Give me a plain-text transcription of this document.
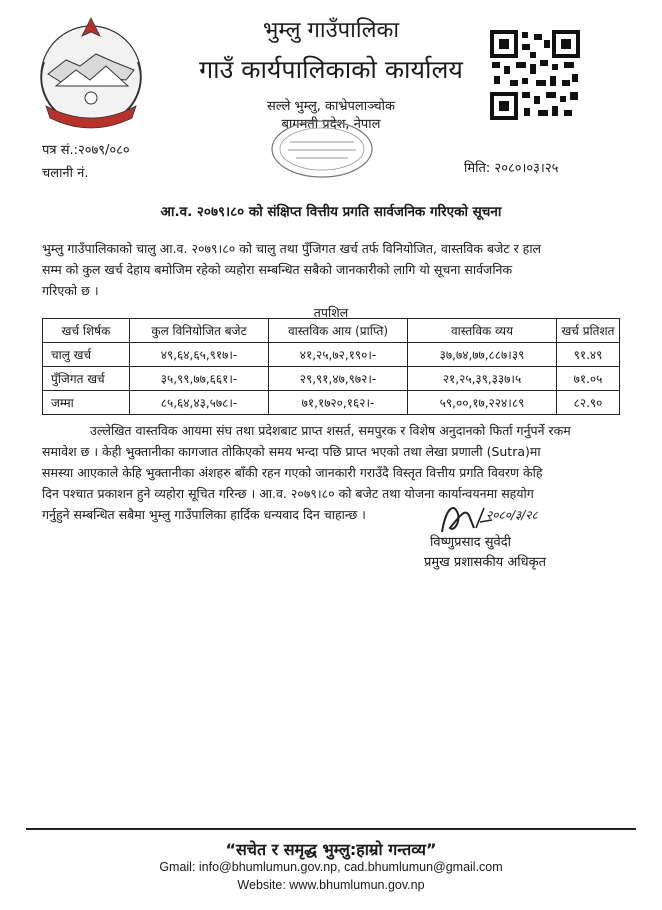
भुम्लु गाउँपालिका
गाउँ कार्यपालिकाको कार्यालय
सल्ले भुम्लु, काभ्रेपलाञ्चोक
बागमती प्रदेश, नेपाल
पत्र सं.:२०७९/०८०
चलानी नं.	मिति: २०८०।०३।२५
आ.व. २०७९।८० को संक्षिप्त वित्तीय प्रगति सार्वजनिक गरिएको सूचना
भुम्लु गाउँपालिकाको चालु आ.व. २०७९।८० को चालु तथा पुँजिगत खर्च तर्फ विनियोजित, वास्तविक बजेट र हाल
सम्म को कुल खर्च देहाय बमोजिम रहेको व्यहोरा सम्बन्धित सबैको जानकारीको लागि यो सूचना सार्वजनिक
गरिएको छ ।
तपशिल
खर्च शिर्षक	कुल विनियोजित बजेट	वास्तविक आय (प्राप्ति)	वास्तविक व्यय	खर्च प्रतिशत
चालु खर्च	४९,६४,६५,९१७।-	४१,२५,७२,१९०।-	३७,७४,७७,८८७।३९	९१.४९
पुँजिगत खर्च	३५,९९,७७,६६१।-	२९,९१,४७,९७२।-	२१,२५,३९,३३७।५	७१.०५
जम्मा	८५,६४,४३,५७८।-	७१,१७२०,१६२।-	५९,००,१७,२२४।८९	८२.९०
उल्लेखित वास्तविक आयमा संघ तथा प्रदेशबाट प्राप्त शसर्त, समपुरक र विशेष अनुदानको फिर्ता गर्नुपर्ने रकम
समावेश छ । केही भुक्तानीका कागजात तोकिएको समय भन्दा पछि प्राप्त भएको तथा लेखा प्रणाली (Sutra)मा
समस्या आएकाले केहि भुक्तानीका अंशहरु बाँकी रहन गएको जानकारी गराउँदै विस्तृत वित्तीय प्रगति विवरण केहि
दिन पश्चात प्रकाशन हुने व्यहोरा सूचित गरिन्छ । आ.व. २०७९।८० को बजेट तथा योजना कार्यान्वयनमा सहयोग
गर्नुहुने सम्बन्धित सबैमा भुम्लु गाउँपालिका हार्दिक धन्यवाद दिन चाहान्छ ।	२०८०/३/२८
विष्णुप्रसाद सुवेदी
प्रमुख प्रशासकीय अधिकृत
“सचेत र समृद्ध भुम्लु:हाम्रो गन्तव्य”
Gmail: info@bhumlumun.gov.np, cad.bhumlumun@gmail.com
Website: www.bhumlumun.gov.np
